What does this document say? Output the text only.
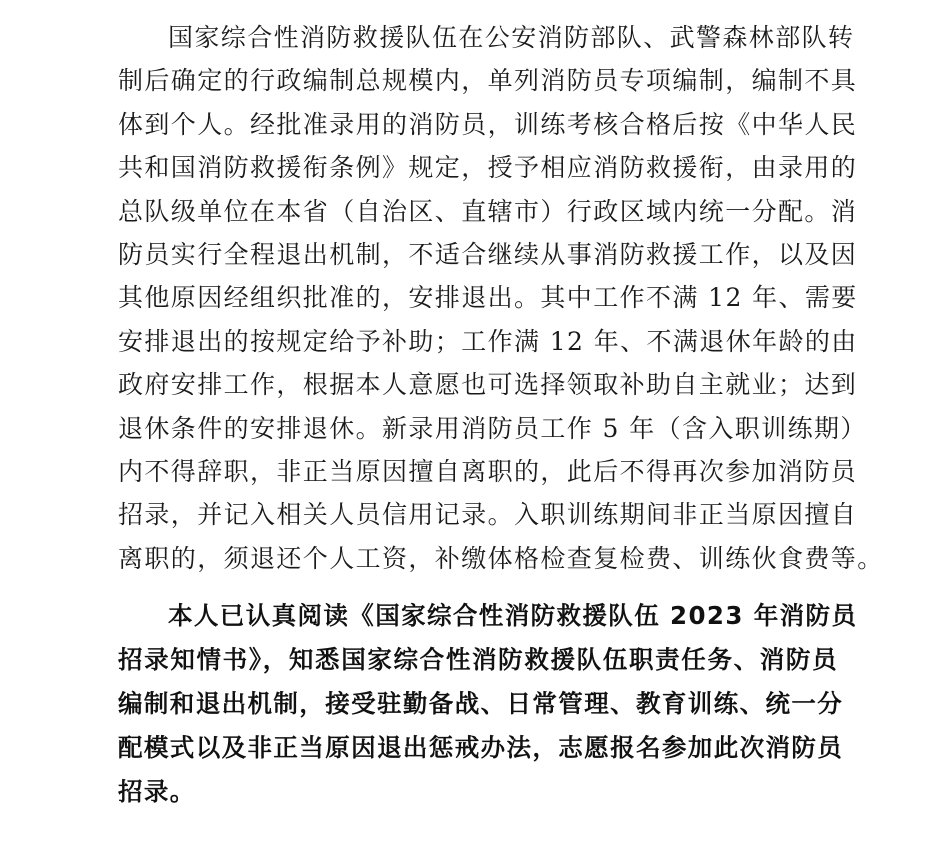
国家综合性消防救援队伍在公安消防部队、武警森林部队转
制后确定的行政编制总规模内，单列消防员专项编制，编制不具
体到个人。经批准录用的消防员，训练考核合格后按《中华人民
共和国消防救援衔条例》规定，授予相应消防救援衔，由录用的
总队级单位在本省（自治区、直辖市）行政区域内统一分配。消
防员实行全程退出机制，不适合继续从事消防救援工作，以及因
其他原因经组织批准的，安排退出。其中工作不满 12 年、需要
安排退出的按规定给予补助；工作满 12 年、不满退休年龄的由
政府安排工作，根据本人意愿也可选择领取补助自主就业；达到
退休条件的安排退休。新录用消防员工作 5 年（含入职训练期）
内不得辞职，非正当原因擅自离职的，此后不得再次参加消防员
招录，并记入相关人员信用记录。入职训练期间非正当原因擅自
离职的，须退还个人工资，补缴体格检查复检费、训练伙食费等。
本人已认真阅读《国家综合性消防救援队伍 2023 年消防员
招录知情书》，知悉国家综合性消防救援队伍职责任务、消防员
编制和退出机制，接受驻勤备战、日常管理、教育训练、统一分
配模式以及非正当原因退出惩戒办法，志愿报名参加此次消防员
招录。
